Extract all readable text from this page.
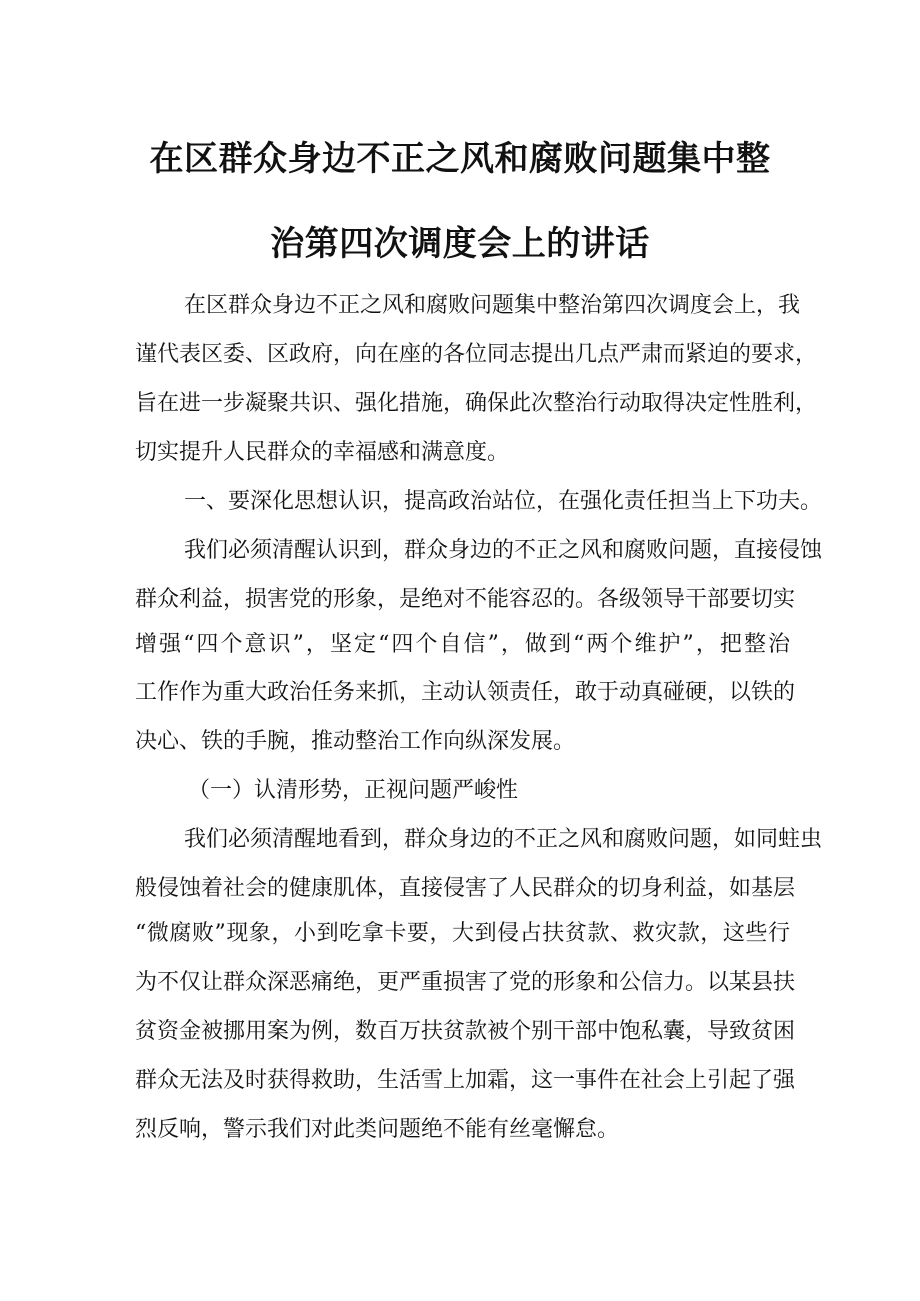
在区群众身边不正之风和腐败问题集中整
治第四次调度会上的讲话
在区群众身边不正之风和腐败问题集中整治第四次调度会上，我
谨代表区委、区政府，向在座的各位同志提出几点严肃而紧迫的要求，
旨在进一步凝聚共识、强化措施，确保此次整治行动取得决定性胜利，
切实提升人民群众的幸福感和满意度。
一、要深化思想认识，提高政治站位，在强化责任担当上下功夫。
我们必须清醒认识到，群众身边的不正之风和腐败问题，直接侵蚀
群众利益，损害党的形象，是绝对不能容忍的。各级领导干部要切实
增强“四个意识”，坚定“四个自信”，做到“两个维护”，把整治
工作作为重大政治任务来抓，主动认领责任，敢于动真碰硬，以铁的
决心、铁的手腕，推动整治工作向纵深发展。
（一）认清形势，正视问题严峻性
我们必须清醒地看到，群众身边的不正之风和腐败问题，如同蛀虫
般侵蚀着社会的健康肌体，直接侵害了人民群众的切身利益，如基层
“微腐败”现象，小到吃拿卡要，大到侵占扶贫款、救灾款，这些行
为不仅让群众深恶痛绝，更严重损害了党的形象和公信力。以某县扶
贫资金被挪用案为例，数百万扶贫款被个别干部中饱私囊，导致贫困
群众无法及时获得救助，生活雪上加霜，这一事件在社会上引起了强
烈反响，警示我们对此类问题绝不能有丝毫懈怠。
